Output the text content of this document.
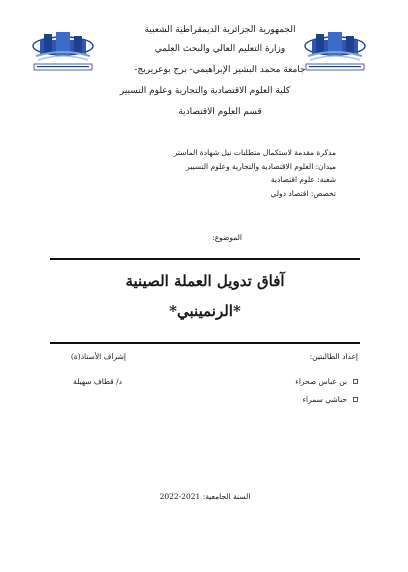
الجمهورية الجزائرية الديمقراطية الشعبية
وزارة التعليم العالي والبحث العلمي
جامعة محمد البشير الإبراهيمي- برج بوعريريج-
كلية العلوم الاقتصادية والتجارية وعلوم التسيير
قسم العلوم الاقتصادية
مذكرة مقدمة لاستكمال متطلبات نيل شهادة الماستر
ميدان: العلوم الاقتصادية والتجارية وعلوم التسيير
شعبة: علوم اقتصادية
تخصص: اقتصاد دولي
الموضوع:
آفاق تدويل العملة الصينية
*الرنمينبي*
إعداد الطالبتين:
إشراف الأستاذ(ة)
بن عباس صحراء
حناشي سمراء
د/ قطاف سهيلة
السنة الجامعية: 2021-2022
